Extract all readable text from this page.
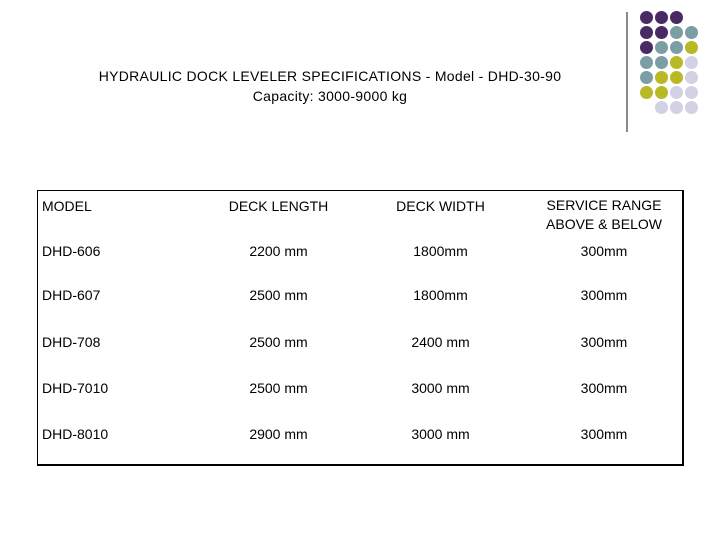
HYDRAULIC DOCK LEVELER SPECIFICATIONS - Model - DHD-30-90
Capacity: 3000-9000 kg
MODEL	DECK LENGTH	DECK WIDTH	SERVICE RANGE ABOVE & BELOW
DHD-606	2200 mm	1800mm	300mm
DHD-607	2500 mm	1800mm	300mm
DHD-708	2500 mm	2400 mm	300mm
DHD-7010	2500 mm	3000 mm	300mm
DHD-8010	2900 mm	3000 mm	300mm
